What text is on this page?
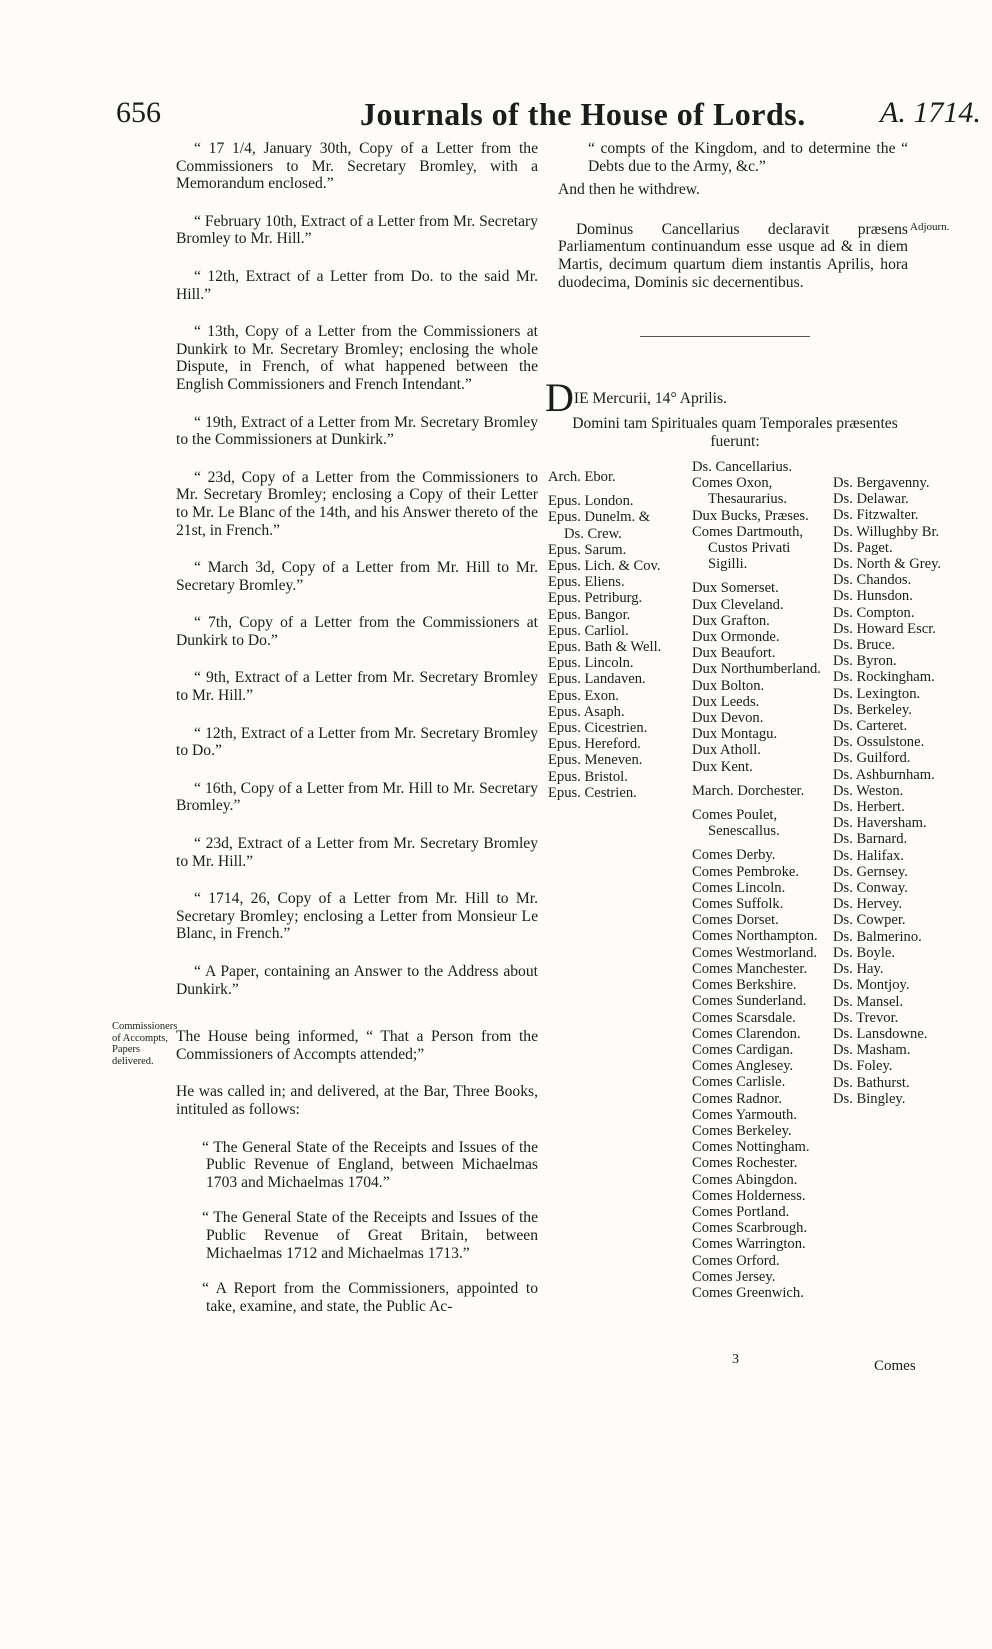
656	Journals of the House of Lords. A. 1714.

“ 17 1/4, January 30th, Copy of a Letter from the Commissioners to Mr. Secretary Bromley, with a Memorandum enclosed.”

“ February 10th, Extract of a Letter from Mr. Secretary Bromley to Mr. Hill.”

“ 12th, Extract of a Letter from Do. to the said Mr. Hill.”

“ 13th, Copy of a Letter from the Commissioners at Dunkirk to Mr. Secretary Bromley; enclosing the whole Dispute, in French, of what happened between the English Commissioners and French Intendant.”

“ 19th, Extract of a Letter from Mr. Secretary Bromley to the Commissioners at Dunkirk.”

“ 23d, Copy of a Letter from the Commissioners to Mr. Secretary Bromley; enclosing a Copy of their Letter to Mr. Le Blanc of the 14th, and his Answer thereto of the 21st, in French.”

“ March 3d, Copy of a Letter from Mr. Hill to Mr. Secretary Bromley.”

“ 7th, Copy of a Letter from the Commissioners at Dunkirk to Do.”

“ 9th, Extract of a Letter from Mr. Secretary Bromley to Mr. Hill.”

“ 12th, Extract of a Letter from Mr. Secretary Bromley to Do.”

“ 16th, Copy of a Letter from Mr. Hill to Mr. Secretary Bromley.”

“ 23d, Extract of a Letter from Mr. Secretary Bromley to Mr. Hill.”

“ 1714, 26, Copy of a Letter from Mr. Hill to Mr. Secretary Bromley; enclosing a Letter from Monsieur Le Blanc, in French.”

“ A Paper, containing an Answer to the Address about Dunkirk.”

The House being informed, “ That a Person from the Commissioners of Accompts attended;”

He was called in; and delivered, at the Bar, Three Books, intituled as follows:

“ The General State of the Receipts and Issues of the Public Revenue of England, between Michaelmas 1703 and Michaelmas 1704.”

“ The General State of the Receipts and Issues of the Public Revenue of Great Britain, between Michaelmas 1712 and Michaelmas 1713.”

“ A Report from the Commissioners, appointed to take, examine, and state, the Public Ac-

Commissioners of Accompts, Papers delivered.

“ compts of the Kingdom, and to determine the “ Debts due to the Army, &c.”

And then he withdrew.

Dominus Cancellarius declaravit præsens Parliamentum continuandum esse usque ad & in diem Martis, decimum quartum diem instantis Aprilis, hora duodecima, Dominis sic decernentibus.

Adjourn.
DIE Mercurii, 14° Aprilis.
Domini tam Spirituales quam Temporales præsentes fuerunt:
Arch. Ebor.
Epus. London.
Epus. Dunelm. &
Ds. Crew.
Epus. Sarum.
Epus. Lich. & Cov.
Epus. Eliens.
Epus. Petriburg.
Epus. Bangor.
Epus. Carliol.
Epus. Bath & Well.
Epus. Lincoln.
Epus. Landaven.
Epus. Exon.
Epus. Asaph.
Epus. Cicestrien.
Epus. Hereford.
Epus. Meneven.
Epus. Bristol.
Epus. Cestrien.
Ds. Cancellarius.
Comes Oxon,
Thesaurarius.
Dux Bucks, Præses.
Comes Dartmouth,
Custos Privati Sigilli.
Dux Somerset.
Dux Cleveland.
Dux Grafton.
Dux Ormonde.
Dux Beaufort.
Dux Northumberland.
Dux Bolton.
Dux Leeds.
Dux Devon.
Dux Montagu.
Dux Atholl.
Dux Kent.
March. Dorchester.
Comes Poulet,
Senescallus.
Comes Derby.
Comes Pembroke.
Comes Lincoln.
Comes Suffolk.
Comes Dorset.
Comes Northampton.
Comes Westmorland.
Comes Manchester.
Comes Berkshire.
Comes Sunderland.
Comes Scarsdale.
Comes Clarendon.
Comes Cardigan.
Comes Anglesey.
Comes Carlisle.
Comes Radnor.
Comes Yarmouth.
Comes Berkeley.
Comes Nottingham.
Comes Rochester.
Comes Abingdon.
Comes Holderness.
Comes Portland.
Comes Scarbrough.
Comes Warrington.
Comes Orford.
Comes Jersey.
Comes Greenwich.
Ds. Bergavenny.
Ds. Delawar.
Ds. Fitzwalter.
Ds. Willughby Br.
Ds. Paget.
Ds. North & Grey.
Ds. Chandos.
Ds. Hunsdon.
Ds. Compton.
Ds. Howard Escr.
Ds. Bruce.
Ds. Byron.
Ds. Rockingham.
Ds. Lexington.
Ds. Berkeley.
Ds. Carteret.
Ds. Ossulstone.
Ds. Guilford.
Ds. Ashburnham.
Ds. Weston.
Ds. Herbert.
Ds. Haversham.
Ds. Barnard.
Ds. Halifax.
Ds. Gernsey.
Ds. Conway.
Ds. Hervey.
Ds. Cowper.
Ds. Balmerino.
Ds. Boyle.
Ds. Hay.
Ds. Montjoy.
Ds. Mansel.
Ds. Trevor.
Ds. Lansdowne.
Ds. Masham.
Ds. Foley.
Ds. Bathurst.
Ds. Bingley.
3	Comes
